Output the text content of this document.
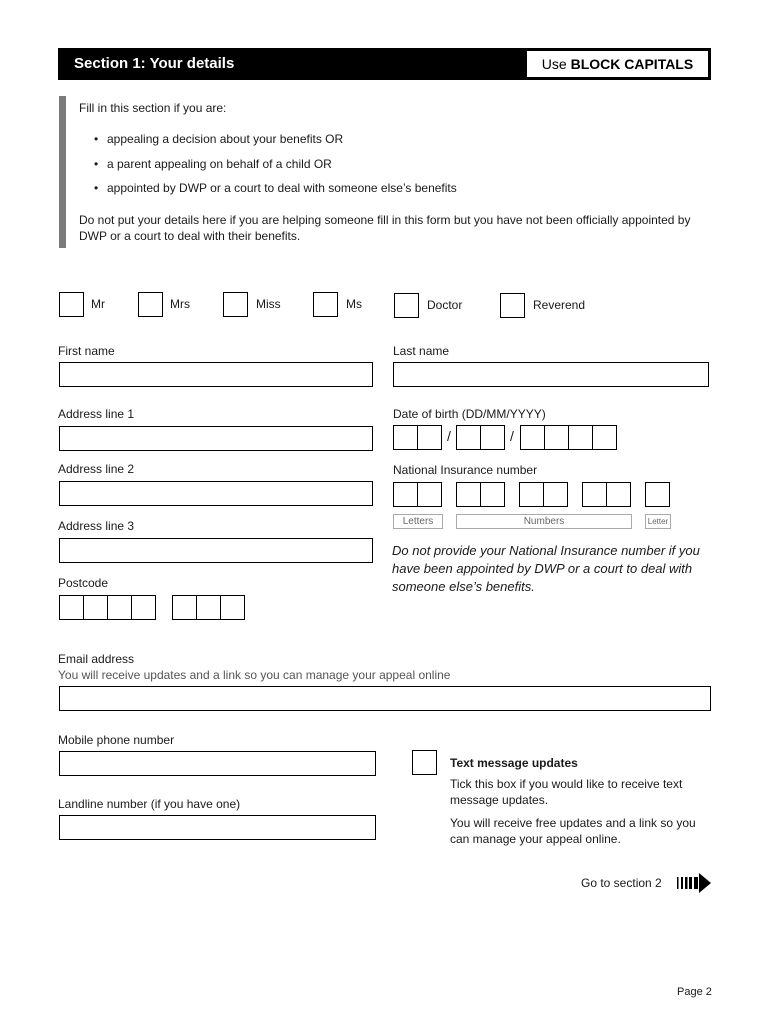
Section 1: Your details	Use BLOCK CAPITALS
Fill in this section if you are:
• appealing a decision about your benefits OR
• a parent appealing on behalf of a child OR
• appointed by DWP or a court to deal with someone else’s benefits
Do not put your details here if you are helping someone fill in this form but you have not been officially appointed by DWP or a court to deal with their benefits.
Mr	Mrs	Miss	Ms	Doctor	Reverend
First name	Last name
Address line 1
Address line 2
Address line 3
Postcode
Date of birth (DD/MM/YYYY)
/	/
National Insurance number
Letters	Numbers	Letter
Do not provide your National Insurance number if you have been appointed by DWP or a court to deal with someone else’s benefits.
Email address
You will receive updates and a link so you can manage your appeal online
Mobile phone number
Landline number (if you have one)
Text message updates
Tick this box if you would like to receive text message updates.
You will receive free updates and a link so you can manage your appeal online.
Go to section 2
Page 2
